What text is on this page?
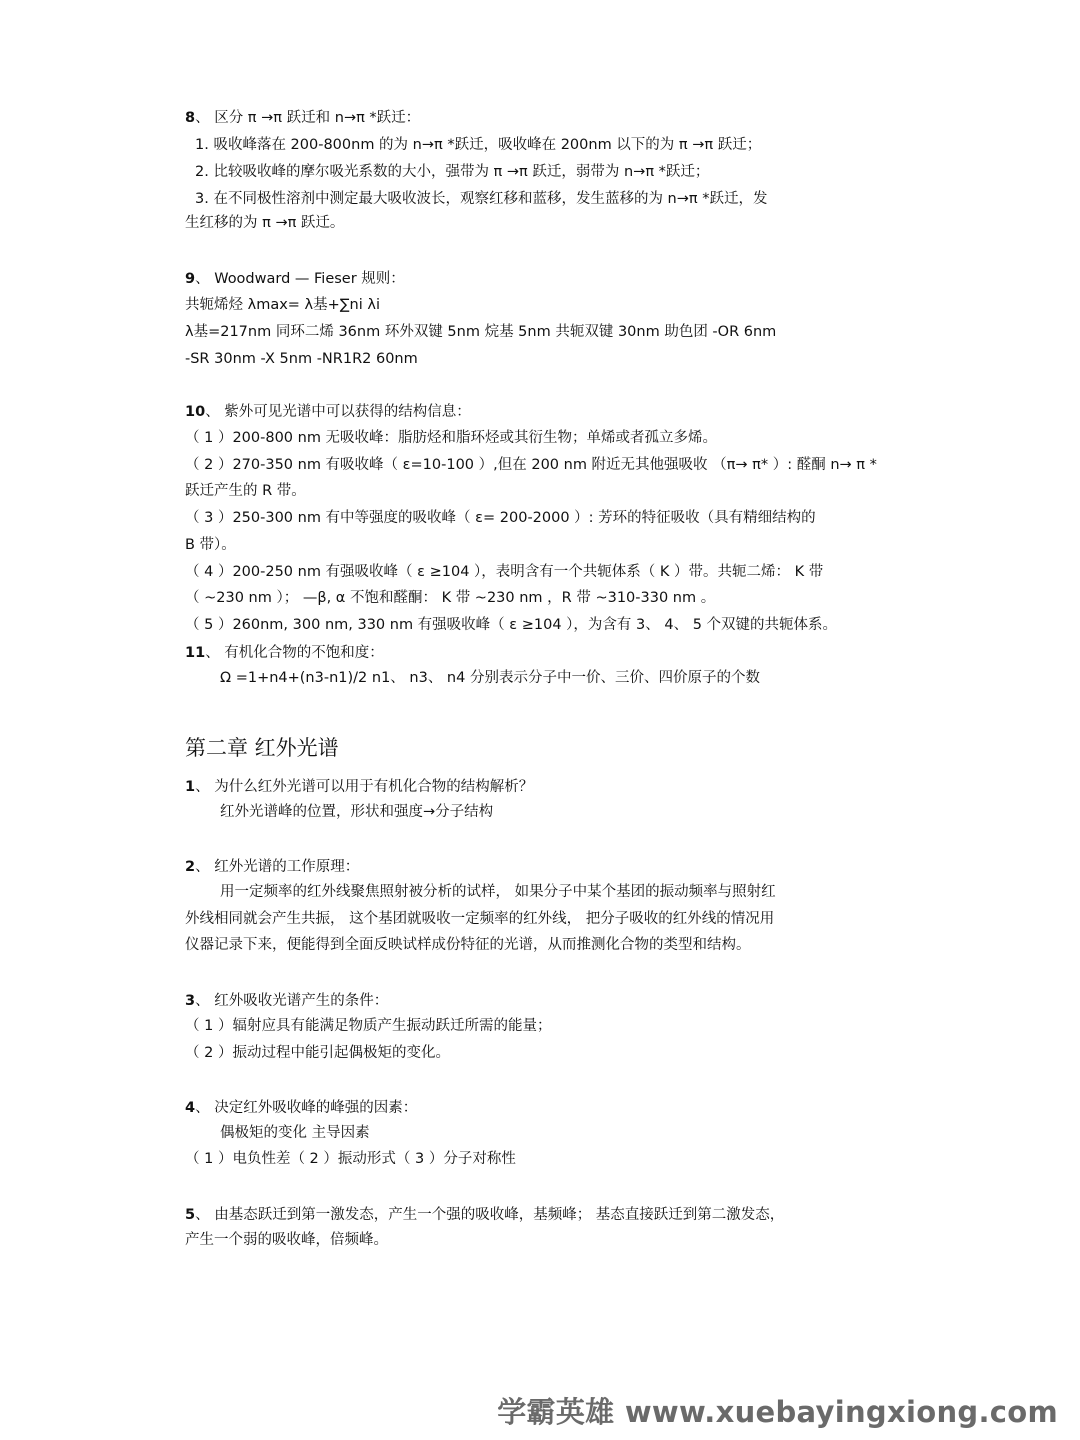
8、 区分 π →π 跃迁和 n→π *跃迁：
1. 吸收峰落在 200-800nm 的为 n→π *跃迁，吸收峰在 200nm 以下的为 π →π 跃迁；
2. 比较吸收峰的摩尔吸光系数的大小，强带为 π →π 跃迁，弱带为 n→π *跃迁；
3. 在不同极性溶剂中测定最大吸收波长，观察红移和蓝移，发生蓝移的为 n→π *跃迁，发
生红移的为 π →π 跃迁。
9、 Woodward — Fieser 规则：
共轭烯烃 λmax= λ基+∑ni λi
λ基=217nm 同环二烯 36nm 环外双键 5nm 烷基 5nm 共轭双键 30nm 助色团 -OR 6nm
-SR 30nm -X 5nm -NR1R2 60nm
10、 紫外可见光谱中可以获得的结构信息：
（ 1 ）200-800 nm 无吸收峰：脂肪烃和脂环烃或其衍生物；单烯或者孤立多烯。
（ 2 ）270-350 nm 有吸收峰（ ε=10-100 ）,但在 200 nm 附近无其他强吸收 （π→ π* ）: 醛酮 n→ π *
跃迁产生的 R 带。
（ 3 ）250-300 nm 有中等强度的吸收峰（ ε= 200-2000 ）: 芳环的特征吸收（具有精细结构的
B 带）。
（ 4 ）200-250 nm 有强吸收峰（ ε ≥104 ），表明含有一个共轭体系（ K ）带。共轭二烯： K 带
（ ~230 nm ）； —β, α 不饱和醛酮： K 带 ~230 nm ，R 带 ~310-330 nm 。
（ 5 ）260nm, 300 nm, 330 nm 有强吸收峰（ ε ≥104 ），为含有 3、 4、 5 个双键的共轭体系。
11、 有机化合物的不饱和度：
Ω =1+n4+(n3-n1)/2 n1、 n3、 n4 分别表示分子中一价、三价、四价原子的个数
第二章 红外光谱
1、 为什么红外光谱可以用于有机化合物的结构解析？
红外光谱峰的位置，形状和强度→分子结构
2、 红外光谱的工作原理：
用一定频率的红外线聚焦照射被分析的试样， 如果分子中某个基团的振动频率与照射红
外线相同就会产生共振， 这个基团就吸收一定频率的红外线， 把分子吸收的红外线的情况用
仪器记录下来，便能得到全面反映试样成份特征的光谱，从而推测化合物的类型和结构。
3、 红外吸收光谱产生的条件：
（ 1 ）辐射应具有能满足物质产生振动跃迁所需的能量；
（ 2 ）振动过程中能引起偶极矩的变化。
4、 决定红外吸收峰的峰强的因素：
偶极矩的变化 主导因素
（ 1 ）电负性差（ 2 ）振动形式（ 3 ）分子对称性
5、 由基态跃迁到第一激发态，产生一个强的吸收峰，基频峰； 基态直接跃迁到第二激发态，
产生一个弱的吸收峰，倍频峰。
学霸英雄 www.xuebayingxiong.com
